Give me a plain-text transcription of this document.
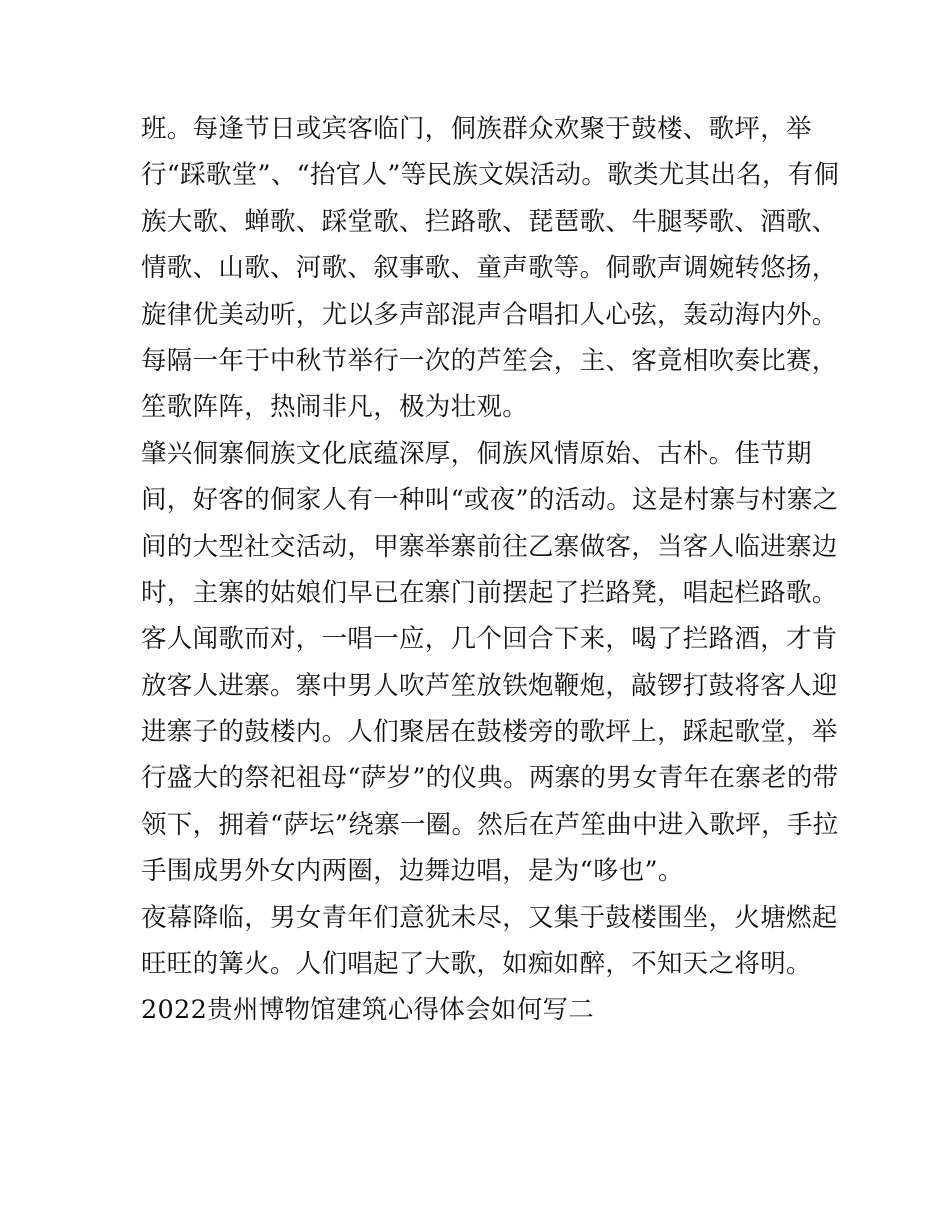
班。每逢节日或宾客临门，侗族群众欢聚于鼓楼、歌坪，举
行“踩歌堂”、“抬官人”等民族文娱活动。歌类尤其出名，有侗
族大歌、蝉歌、踩堂歌、拦路歌、琵琶歌、牛腿琴歌、酒歌、
情歌、山歌、河歌、叙事歌、童声歌等。侗歌声调婉转悠扬，
旋律优美动听，尤以多声部混声合唱扣人心弦，轰动海内外。
每隔一年于中秋节举行一次的芦笙会，主、客竟相吹奏比赛，
笙歌阵阵，热闹非凡，极为壮观。
肇兴侗寨侗族文化底蕴深厚，侗族风情原始、古朴。佳节期
间，好客的侗家人有一种叫“或夜”的活动。这是村寨与村寨之
间的大型社交活动，甲寨举寨前往乙寨做客，当客人临进寨边
时，主寨的姑娘们早已在寨门前摆起了拦路凳，唱起栏路歌。
客人闻歌而对，一唱一应，几个回合下来，喝了拦路酒，才肯
放客人进寨。寨中男人吹芦笙放铁炮鞭炮，敲锣打鼓将客人迎
进寨子的鼓楼内。人们聚居在鼓楼旁的歌坪上，踩起歌堂，举
行盛大的祭祀祖母“萨岁”的仪典。两寨的男女青年在寨老的带
领下，拥着“萨坛”绕寨一圈。然后在芦笙曲中进入歌坪，手拉
手围成男外女内两圈，边舞边唱，是为“哆也”。
夜幕降临，男女青年们意犹未尽，又集于鼓楼围坐，火塘燃起
旺旺的篝火。人们唱起了大歌，如痴如醉，不知天之将明。
2022贵州博物馆建筑心得体会如何写二
